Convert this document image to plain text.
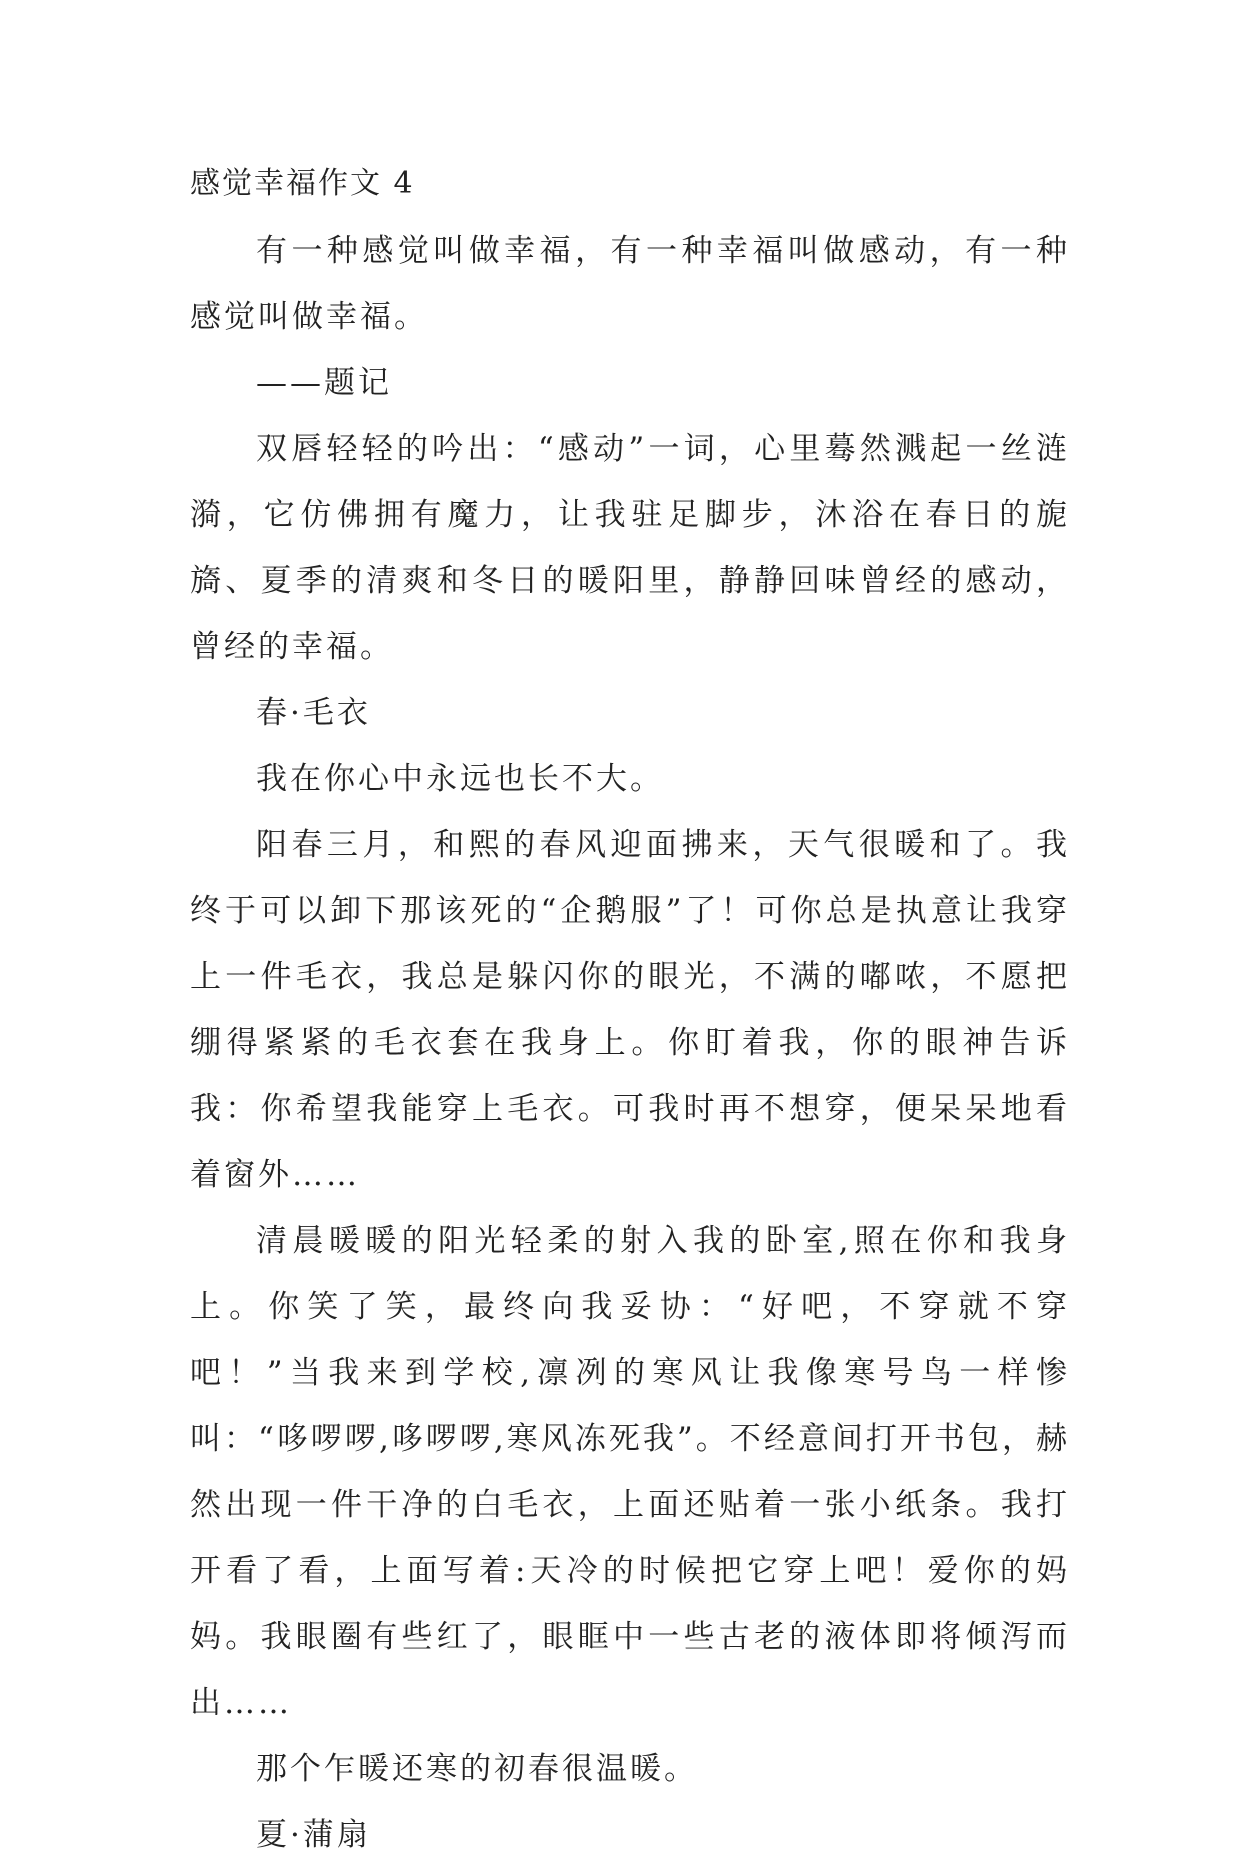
感觉幸福作文 4

有一种感觉叫做幸福，有一种幸福叫做感动，有一种感觉叫做幸福。

——题记

双唇轻轻的吟出：“感动”一词，心里蓦然溅起一丝涟漪，它仿佛拥有魔力，让我驻足脚步，沐浴在春日的旎旖、夏季的清爽和冬日的暖阳里，静静回味曾经的感动，曾经的幸福。

春·毛衣

我在你心中永远也长不大。

阳春三月，和熙的春风迎面拂来，天气很暖和了。我终于可以卸下那该死的“企鹅服”了！可你总是执意让我穿上一件毛衣，我总是躲闪你的眼光，不满的嘟哝，不愿把绷得紧紧的毛衣套在我身上。你盯着我，你的眼神告诉我：你希望我能穿上毛衣。可我时再不想穿，便呆呆地看着窗外……

清晨暖暖的阳光轻柔的射入我的卧室,照在你和我身上。你笑了笑，最终向我妥协：“好吧，不穿就不穿吧！”当我来到学校,凛冽的寒风让我像寒号鸟一样惨叫：“哆啰啰,哆啰啰,寒风冻死我”。不经意间打开书包，赫然出现一件干净的白毛衣，上面还贴着一张小纸条。我打开看了看，上面写着:天冷的时候把它穿上吧！爱你的妈妈。我眼圈有些红了，眼眶中一些古老的液体即将倾泻而出……

那个乍暖还寒的初春很温暖。

夏·蒲扇
